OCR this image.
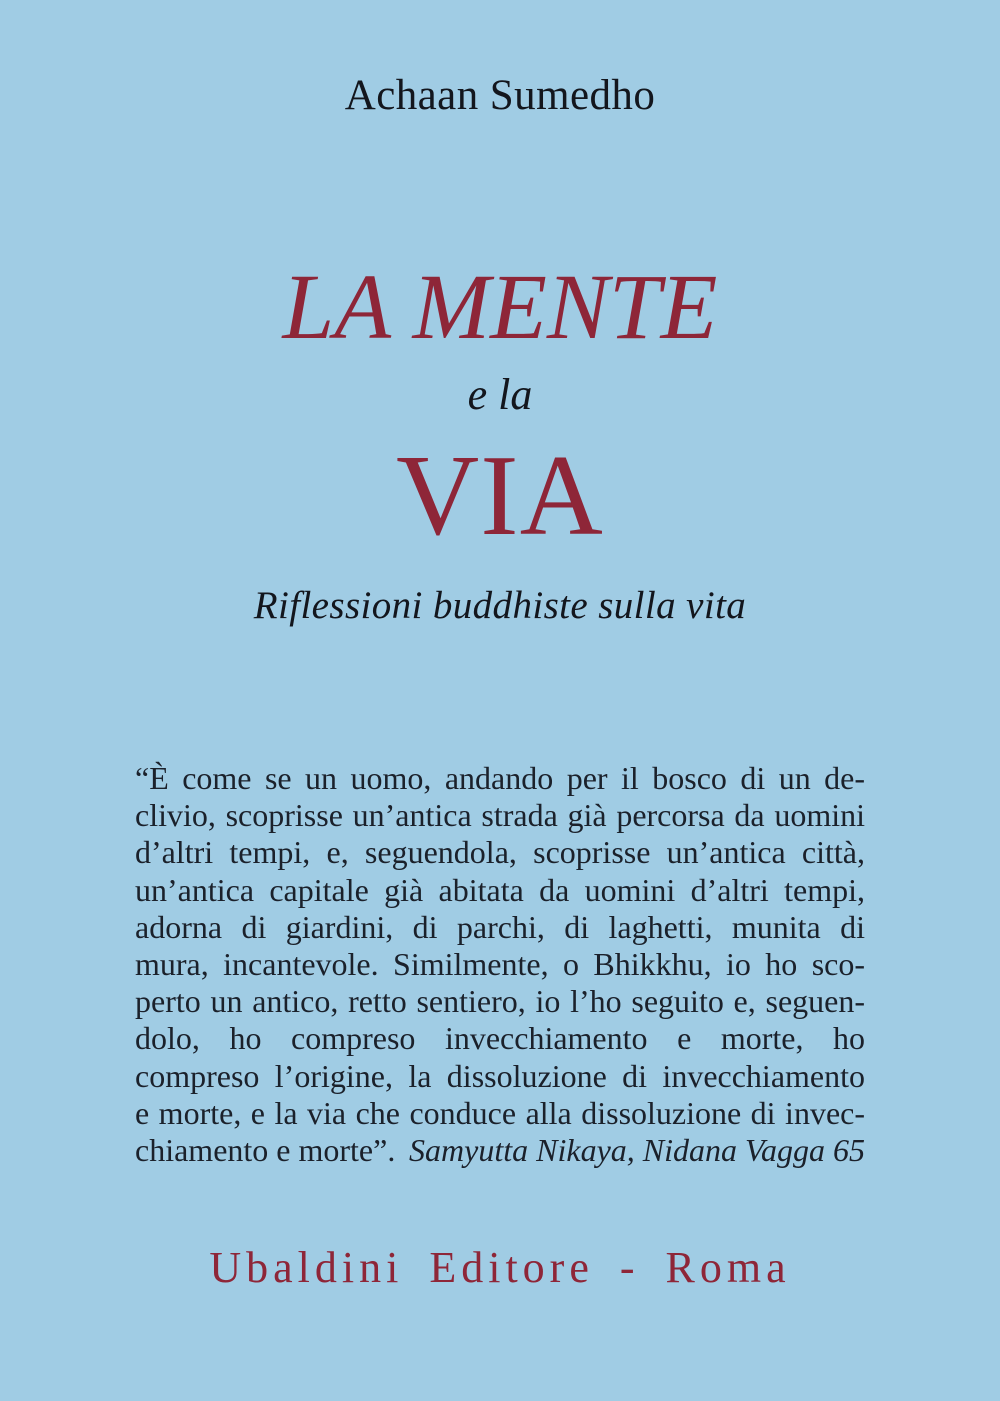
Achaan Sumedho
LA MENTE
e la
VIA
Riflessioni buddhiste sulla vita
“È come se un uomo, andando per il bosco di un de-
clivio, scoprisse un’antica strada già percorsa da uomini
d’altri tempi, e, seguendola, scoprisse un’antica città,
un’antica capitale già abitata da uomini d’altri tempi,
adorna di giardini, di parchi, di laghetti, munita di
mura, incantevole. Similmente, o Bhikkhu, io ho sco-
perto un antico, retto sentiero, io l’ho seguito e, seguen-
dolo, ho compreso invecchiamento e morte, ho
compreso l’origine, la dissoluzione di invecchiamento
e morte, e la via che conduce alla dissoluzione di invec-
chiamento e morte”. Samyutta Nikaya, Nidana Vagga 65
Ubaldini Editore - Roma
